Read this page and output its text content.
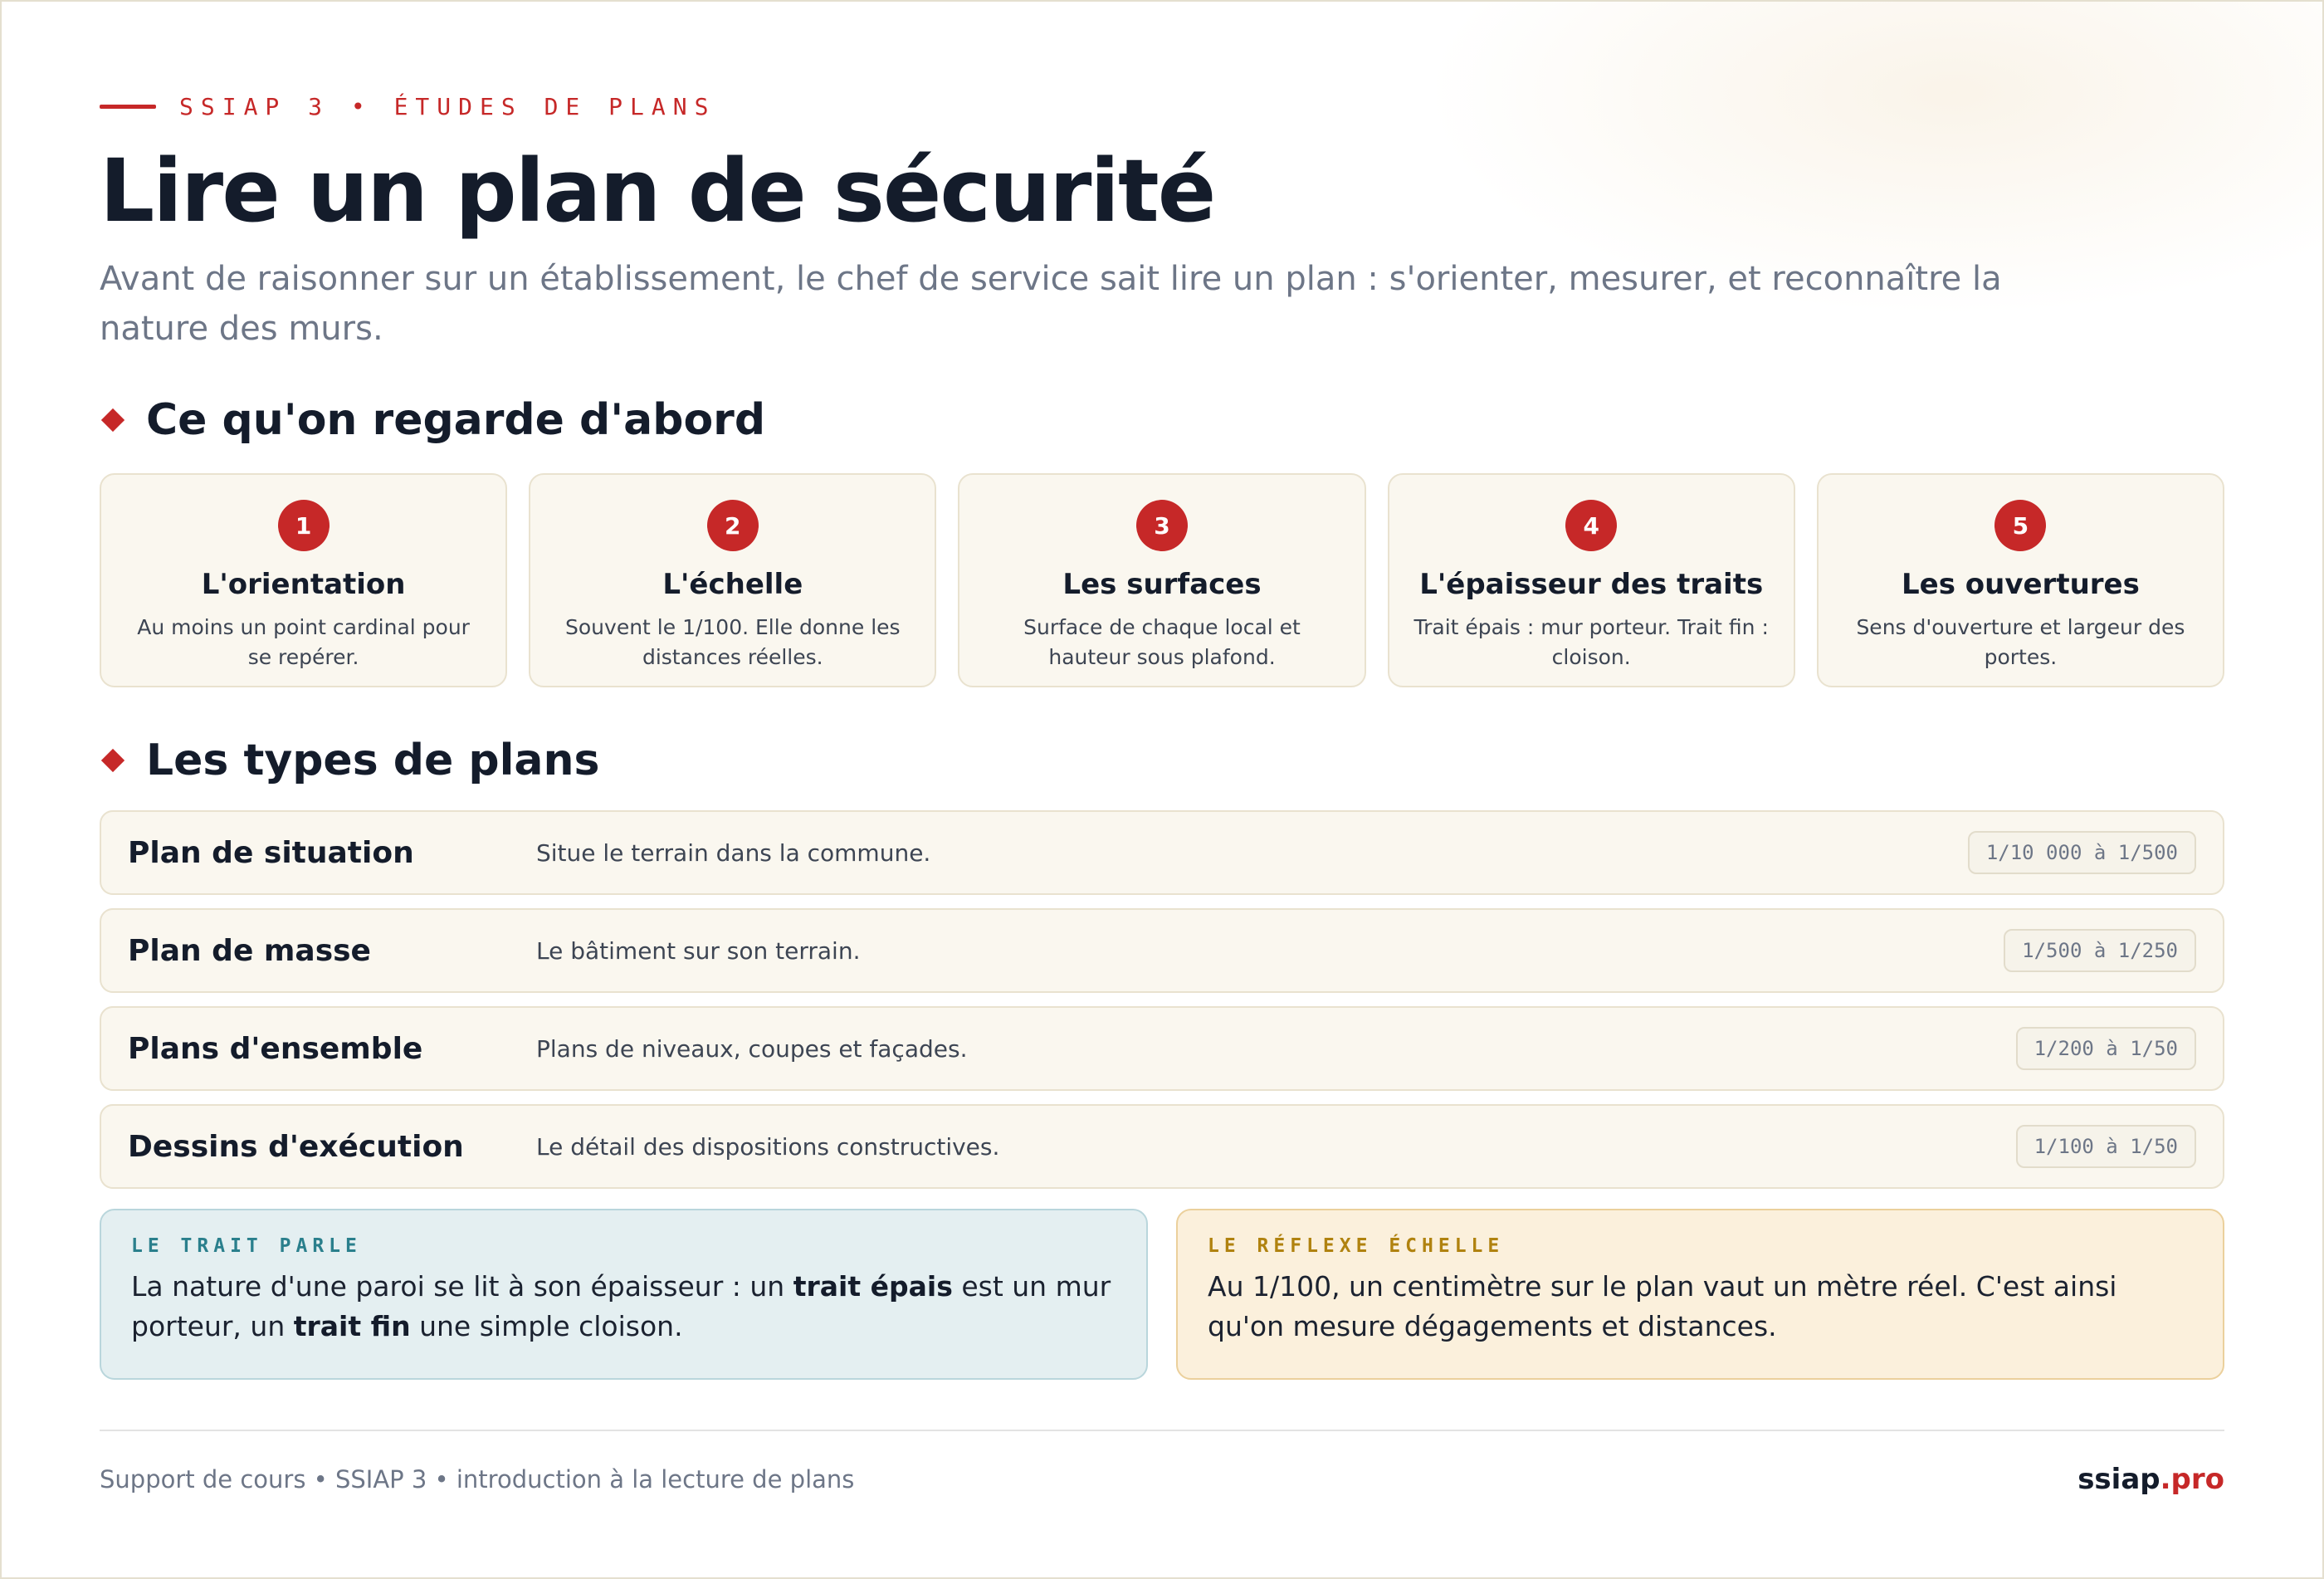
SSIAP 3 • ÉTUDES DE PLANS
Lire un plan de sécurité

Avant de raisonner sur un établissement, le chef de service sait lire un plan : s'orienter, mesurer, et reconnaître la nature des murs.

Ce qu'on regarde d'abord
1
L'orientation
Au moins un point cardinal pour se repérer.
2
L'échelle
Souvent le 1/100. Elle donne les distances réelles.
3
Les surfaces
Surface de chaque local et hauteur sous plafond.
4
L'épaisseur des traits
Trait épais : mur porteur. Trait fin : cloison.
5
Les ouvertures
Sens d'ouverture et largeur des portes.
Les types de plans
Plan de situation	Situe le terrain dans la commune.	1/10 000 à 1/500
Plan de masse	Le bâtiment sur son terrain.	1/500 à 1/250
Plans d'ensemble	Plans de niveaux, coupes et façades.	1/200 à 1/50
Dessins d'exécution	Le détail des dispositions constructives.	1/100 à 1/50
LE TRAIT PARLE
La nature d'une paroi se lit à son épaisseur : un trait épais est un mur porteur, un trait fin une simple cloison.
LE RÉFLEXE ÉCHELLE
Au 1/100, un centimètre sur le plan vaut un mètre réel. C'est ainsi qu'on mesure dégagements et distances.
Support de cours • SSIAP 3 • introduction à la lecture de plans	ssiap.pro
